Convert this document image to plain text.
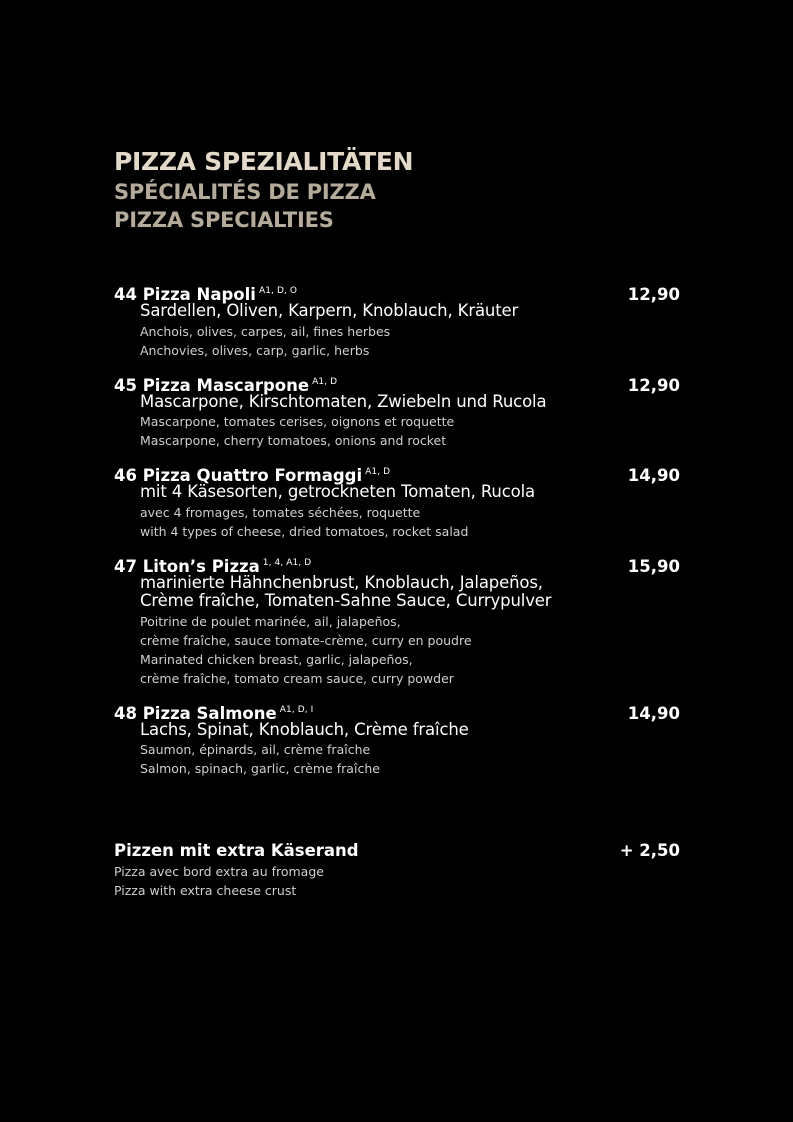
PIZZA SPEZIALITÄTEN
SPÉCIALITÉS DE PIZZA
PIZZA SPECIALTIES
44 Pizza Napoli $^{A1, D, O}$	12,90
Sardellen, Oliven, Karpern, Knoblauch, Kräuter
Anchois, olives, carpes, ail, fines herbes
Anchovies, olives, carp, garlic, herbs
45 Pizza Mascarpone $^{A1, D}$	12,90
Mascarpone, Kirschtomaten, Zwiebeln und Rucola
Mascarpone, tomates cerises, oignons et roquette
Mascarpone, cherry tomatoes, onions and rocket
46 Pizza Quattro Formaggi $^{A1, D}$	14,90
mit 4 Käsesorten, getrockneten Tomaten, Rucola
avec 4 fromages, tomates séchées, roquette
with 4 types of cheese, dried tomatoes, rocket salad
47 Liton’s Pizza $^{1, 4, A1, D}$	15,90
marinierte Hähnchenbrust, Knoblauch, Jalapeños,
Crème fraîche, Tomaten-Sahne Sauce, Currypulver
Poitrine de poulet marinée, ail, jalapeños,
crème fraîche, sauce tomate-crème, curry en poudre
Marinated chicken breast, garlic, jalapeños,
crème fraîche, tomato cream sauce, curry powder
48 Pizza Salmone $^{A1, D, I}$	14,90
Lachs, Spinat, Knoblauch, Crème fraîche
Saumon, épinards, ail, crème fraîche
Salmon, spinach, garlic, crème fraîche
Pizzen mit extra Käserand	+ 2,50
Pizza avec bord extra au fromage
Pizza with extra cheese crust
